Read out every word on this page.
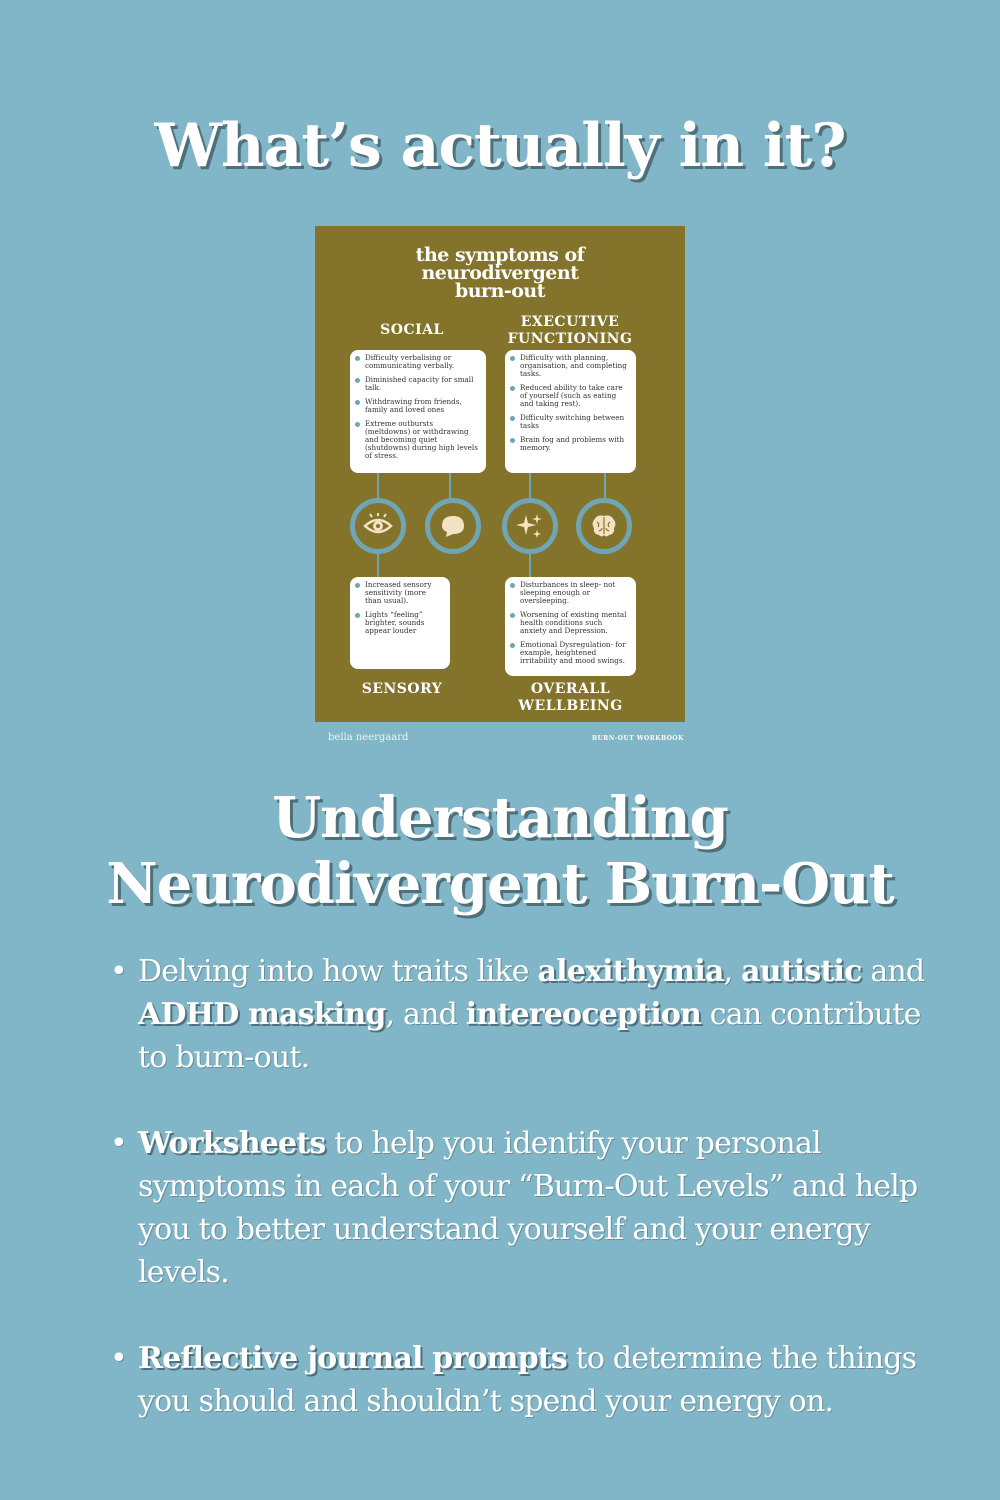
What’s actually in it?
the symptoms of
neurodivergent
burn-out
SOCIAL
Difficulty verbalising or communicating verbally.
Diminished capacity for small talk.
Withdrawing from friends, family and loved ones
Extreme outbursts (meltdowns) or withdrawing and becoming quiet (shutdowns) during high levels of stress.
EXECUTIVE
FUNCTIONING
Difficulty with planning, organisation, and completing tasks.
Reduced ability to take care of yourself (such as eating and taking rest).
Difficulty switching between tasks
Brain fog and problems with memory.
Increased sensory sensitivity (more than usual).
Lights “feeling” brighter, sounds appear louder
SENSORY
Disturbances in sleep- not sleeping enough or oversleeping.
Worsening of existing mental health conditions such anxiety and Depression.
Emotional Dysregulation- for example, heightened irritability and mood swings.
OVERALL
WELLBEING
bella neergaard	BURN-OUT WORKBOOK
Understanding
Neurodivergent Burn-Out
• Delving into how traits like alexithymia, autistic and ADHD masking, and intereoception can contribute to burn-out.
• Worksheets to help you identify your personal symptoms in each of your “Burn-Out Levels” and help you to better understand yourself and your energy levels.
• Reflective journal prompts to determine the things you should and shouldn’t spend your energy on.
